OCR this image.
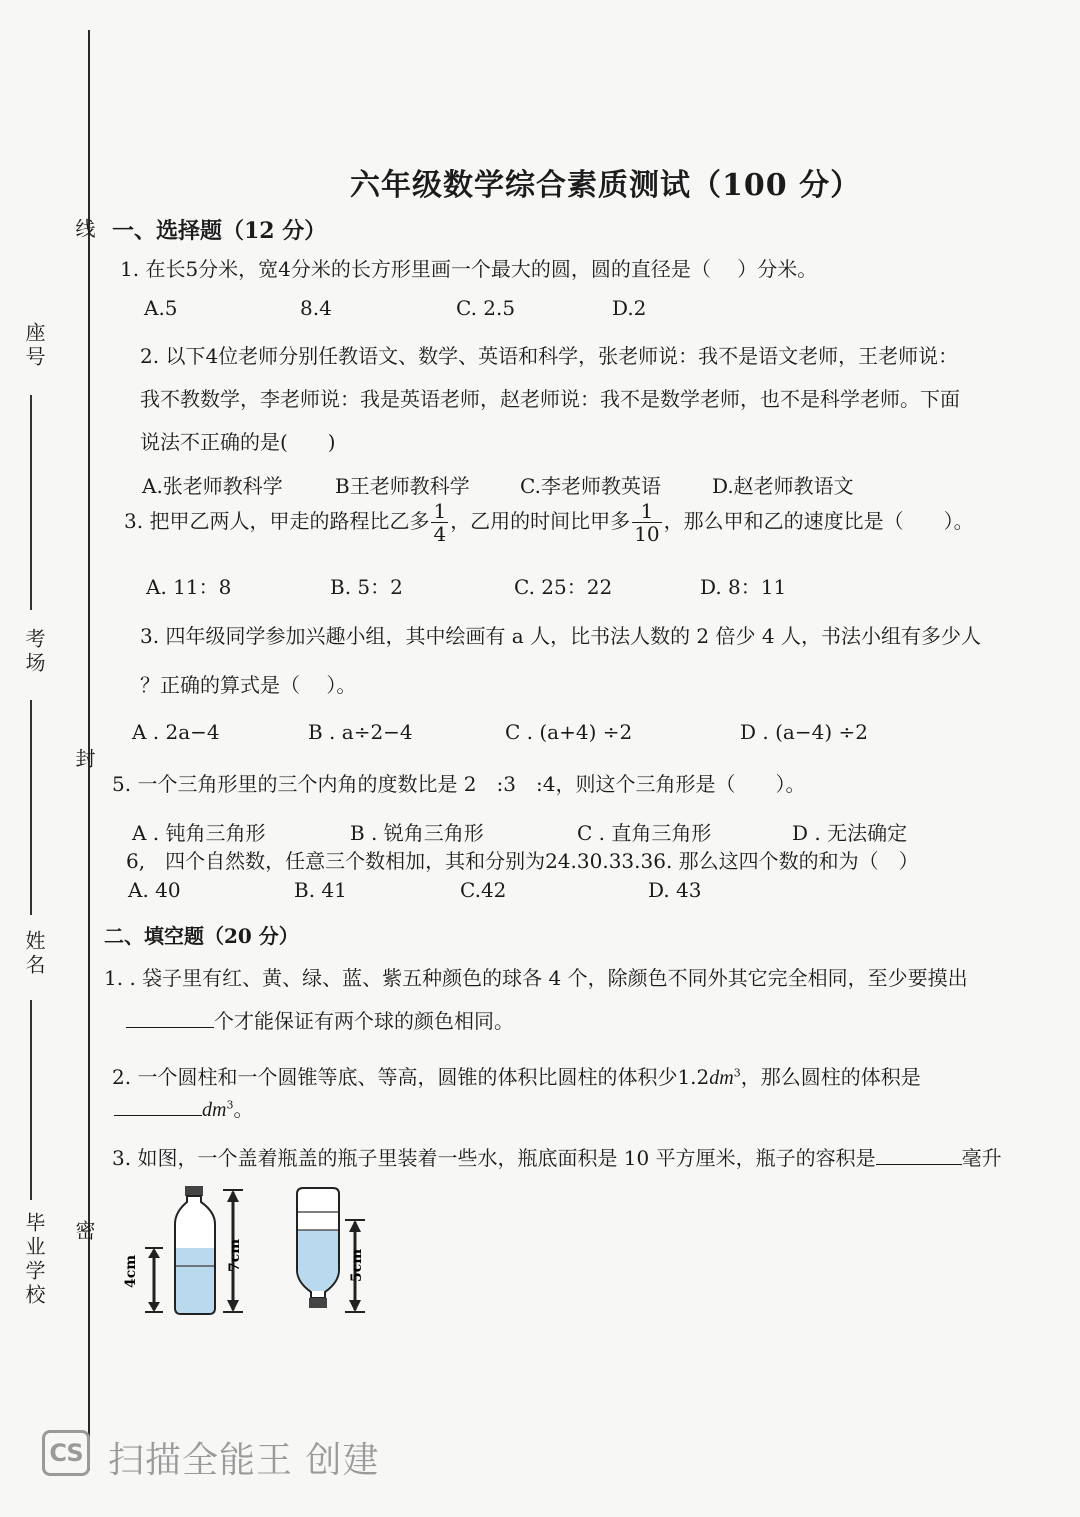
座号
考场
姓名
毕业学校
线
封
密
六年级数学综合素质测试（100 分）
一、选择题（12 分）
1. 在长5分米，宽4分米的长方形里画一个最大的圆，圆的直径是（　 ）分米。
A.5	8.4	C. 2.5	D.2
2. 以下4位老师分别任教语文、数学、英语和科学，张老师说：我不是语文老师，王老师说：
我不教数学，李老师说：我是英语老师，赵老师说：我不是数学老师，也不是科学老师。下面
说法不正确的是(　　)
A.张老师教科学	B王老师教科学	C.李老师教英语	D.赵老师教语文
3. 把甲乙两人，甲走的路程比乙多 $\frac{1}{4}$ ，乙用的时间比甲多 $\frac{1}{10}$ ，那么甲和乙的速度比是（　　）。
A. 11：8	B. 5：2	C. 25：22	D. 8：11
3. 四年级同学参加兴趣小组，其中绘画有 a 人，比书法人数的 2 倍少 4 人，书法小组有多少人
？正确的算式是（　 ）。
A . 2a−4	B . a÷2−4	C . (a+4) ÷2	D . (a−4) ÷2
5. 一个三角形里的三个内角的度数比是 2　:3　:4，则这个三角形是（　　）。
A . 钝角三角形	B . 锐角三角形	C . 直角三角形	D . 无法确定
6,　四个自然数，任意三个数相加，其和分别为24.30.33.36. 那么这四个数的和为（　）
A. 40	B. 41	C.42	D. 43
二、填空题（20 分）
1. . 袋子里有红、黄、绿、蓝、紫五种颜色的球各 4 个，除颜色不同外其它完全相同，至少要摸出
个才能保证有两个球的颜色相同。
2. 一个圆柱和一个圆锥等底、等高，圆锥的体积比圆柱的体积少$1.2dm^3$，那么圆柱的体积是
$dm^3$。
3. 如图，一个盖着瓶盖的瓶子里装着一些水，瓶底面积是 10 平方厘米，瓶子的容积是	毫升
4cm	7cm	5cm
CS 扫描全能王 创建
